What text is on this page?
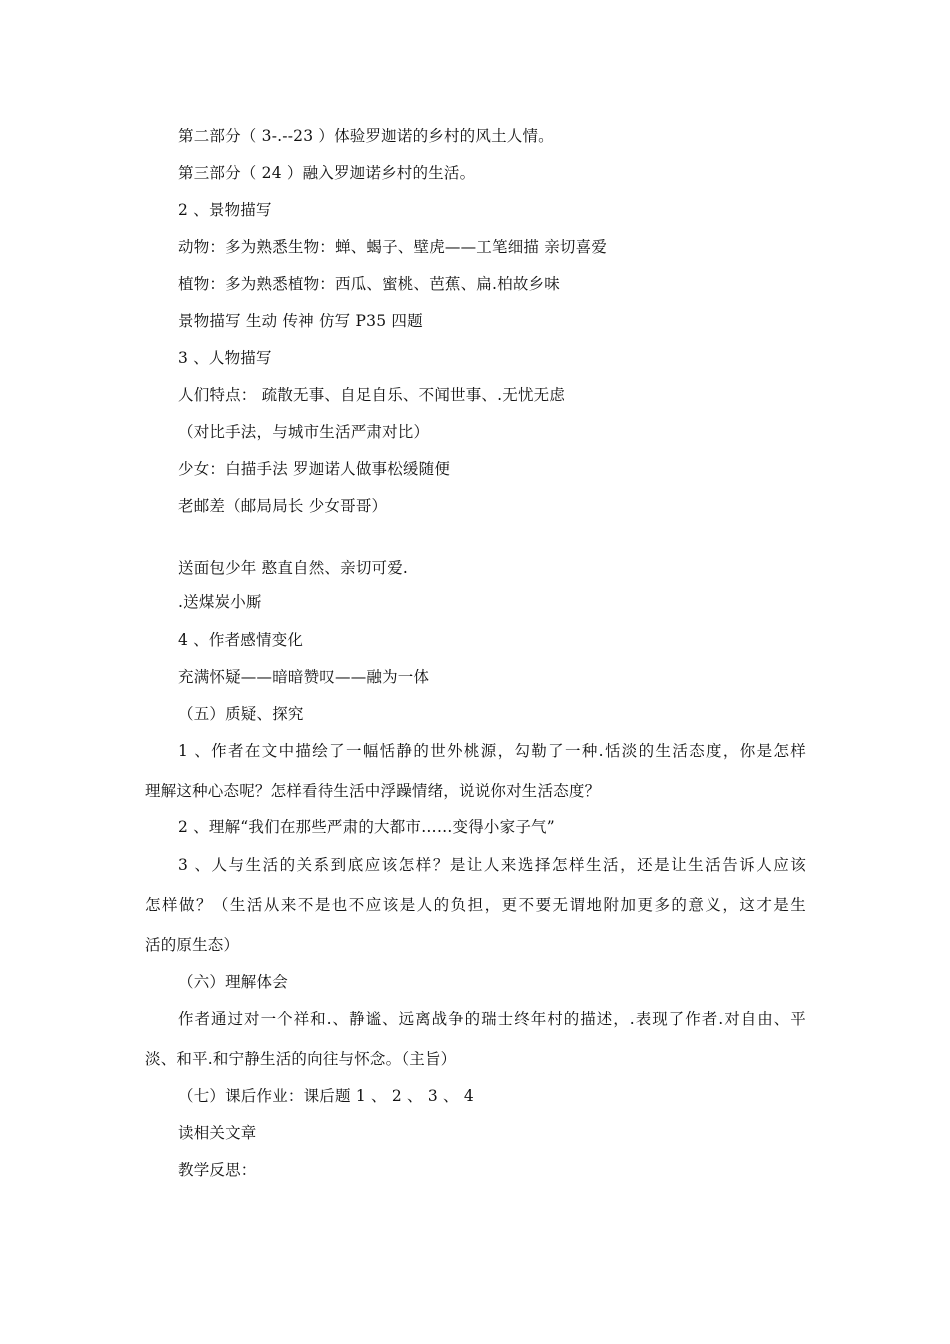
第二部分（ 3-.--23 ）体验罗迦诺的乡村的风土人情。
第三部分（ 24 ）融入罗迦诺乡村的生活。
2 、景物描写
动物：多为熟悉生物：蝉、蝎子、壁虎——工笔细描 亲切喜爱
植物：多为熟悉植物：西瓜、蜜桃、芭蕉、扁.柏故乡味
景物描写 生动 传神 仿写 P35 四题
3 、人物描写
人们特点： 疏散无事、自足自乐、不闻世事、.无忧无虑
（对比手法，与城市生活严肃对比）
少女：白描手法 罗迦诺人做事松缓随便
老邮差（邮局局长 少女哥哥）
送面包少年 憨直自然、亲切可爱.
.送煤炭小厮
4 、作者感情变化
充满怀疑——暗暗赞叹——融为一体
（五）质疑、探究
1 、作者在文中描绘了一幅恬静的世外桃源，勾勒了一种.恬淡的生活态度，你是怎样
理解这种心态呢？怎样看待生活中浮躁情绪，说说你对生活态度？
2 、理解“我们在那些严肃的大都市……变得小家子气”
3 、人与生活的关系到底应该怎样？是让人来选择怎样生活，还是让生活告诉人应该
怎样做？（生活从来不是也不应该是人的负担，更不要无谓地附加更多的意义，这才是生
活的原生态）
（六）理解体会
作者通过对一个祥和.、静谧、远离战争的瑞士终年村的描述，.表现了作者.对自由、平
淡、和平.和宁静生活的向往与怀念。（主旨）
（七）课后作业：课后题 1 、 2 、 3 、 4
读相关文章
教学反思：
